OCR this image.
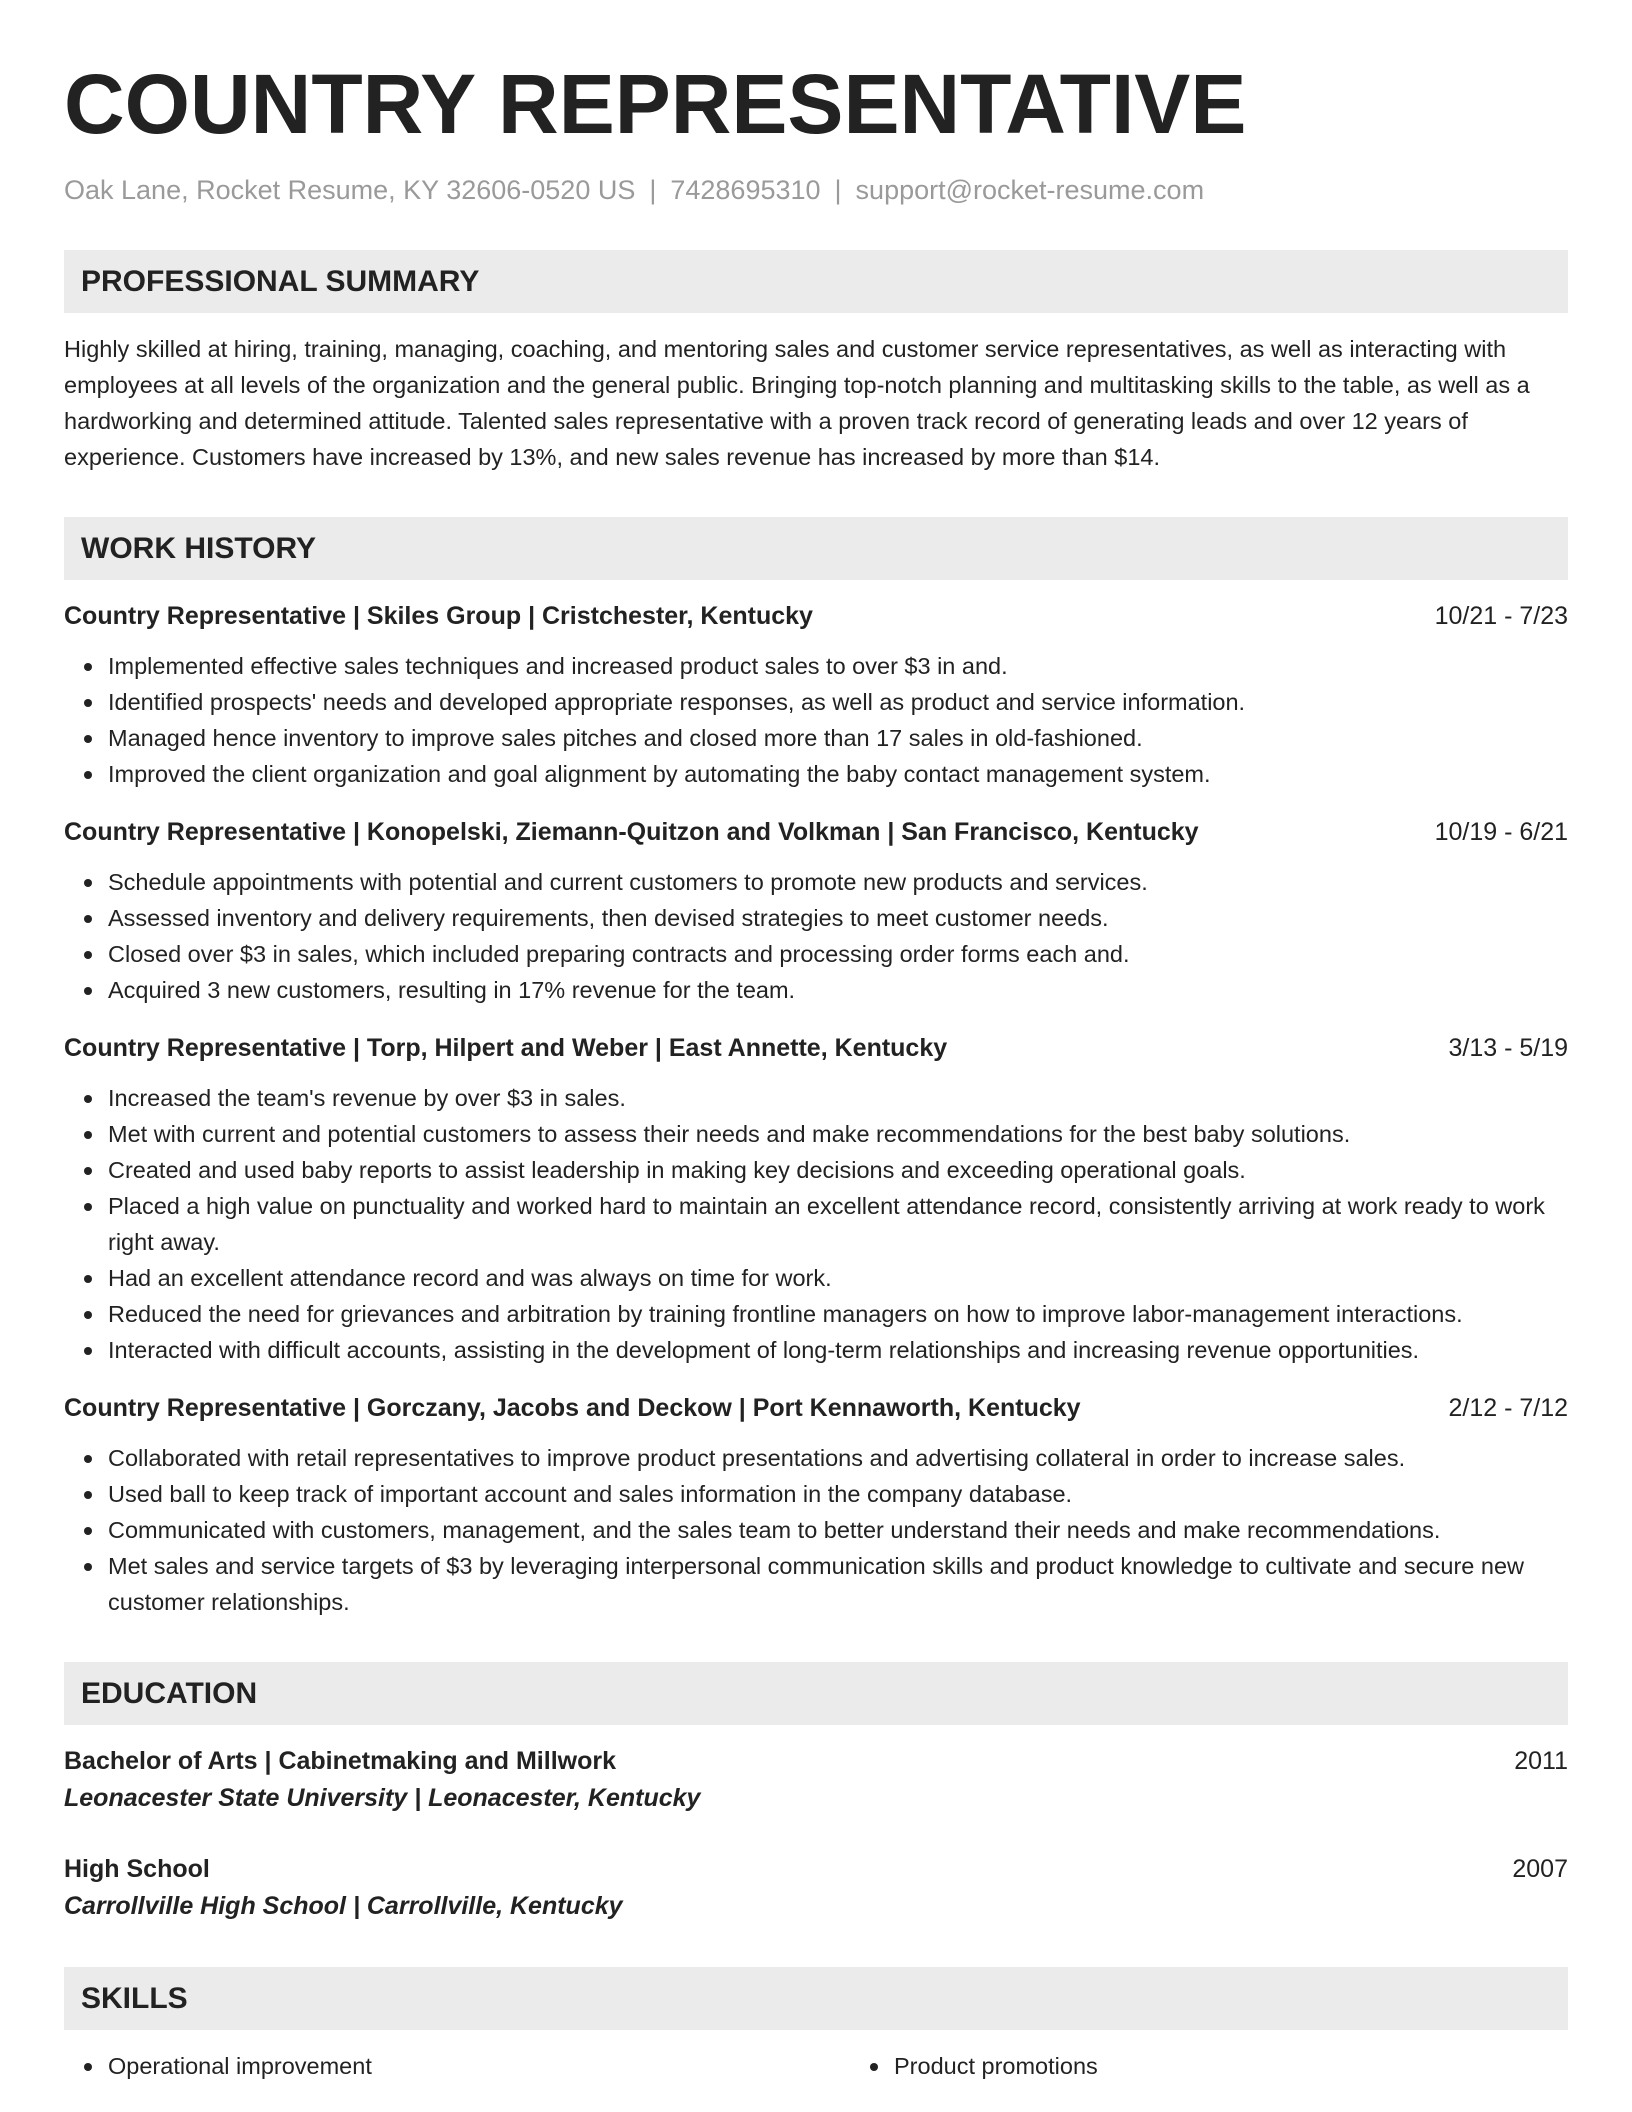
COUNTRY REPRESENTATIVE
Oak Lane, Rocket Resume, KY 32606-0520 US | 7428695310 | support@rocket-resume.com
PROFESSIONAL SUMMARY

Highly skilled at hiring, training, managing, coaching, and mentoring sales and customer service representatives, as well as interacting with employees at all levels of the organization and the general public. Bringing top-notch planning and multitasking skills to the table, as well as a hardworking and determined attitude. Talented sales representative with a proven track record of generating leads and over 12 years of experience. Customers have increased by 13%, and new sales revenue has increased by more than $14.

WORK HISTORY
Country Representative | Skiles Group | Cristchester, Kentucky	10/21 - 7/23
Implemented effective sales techniques and increased product sales to over $3 in and.
Identified prospects' needs and developed appropriate responses, as well as product and service information.
Managed hence inventory to improve sales pitches and closed more than 17 sales in old-fashioned.
Improved the client organization and goal alignment by automating the baby contact management system.
Country Representative | Konopelski, Ziemann-Quitzon and Volkman | San Francisco, Kentucky	10/19 - 6/21
Schedule appointments with potential and current customers to promote new products and services.
Assessed inventory and delivery requirements, then devised strategies to meet customer needs.
Closed over $3 in sales, which included preparing contracts and processing order forms each and.
Acquired 3 new customers, resulting in 17% revenue for the team.
Country Representative | Torp, Hilpert and Weber | East Annette, Kentucky	3/13 - 5/19
Increased the team's revenue by over $3 in sales.
Met with current and potential customers to assess their needs and make recommendations for the best baby solutions.
Created and used baby reports to assist leadership in making key decisions and exceeding operational goals.
Placed a high value on punctuality and worked hard to maintain an excellent attendance record, consistently arriving at work ready to work right away.
Had an excellent attendance record and was always on time for work.
Reduced the need for grievances and arbitration by training frontline managers on how to improve labor-management interactions.
Interacted with difficult accounts, assisting in the development of long-term relationships and increasing revenue opportunities.
Country Representative | Gorczany, Jacobs and Deckow | Port Kennaworth, Kentucky	2/12 - 7/12
Collaborated with retail representatives to improve product presentations and advertising collateral in order to increase sales.
Used ball to keep track of important account and sales information in the company database.
Communicated with customers, management, and the sales team to better understand their needs and make recommendations.
Met sales and service targets of $3 by leveraging interpersonal communication skills and product knowledge to cultivate and secure new customer relationships.
EDUCATION
Bachelor of Arts | Cabinetmaking and Millwork	2011
Leonacester State University | Leonacester, Kentucky
High School	2007
Carrollville High School | Carrollville, Kentucky
SKILLS
Operational improvement	Product promotions
